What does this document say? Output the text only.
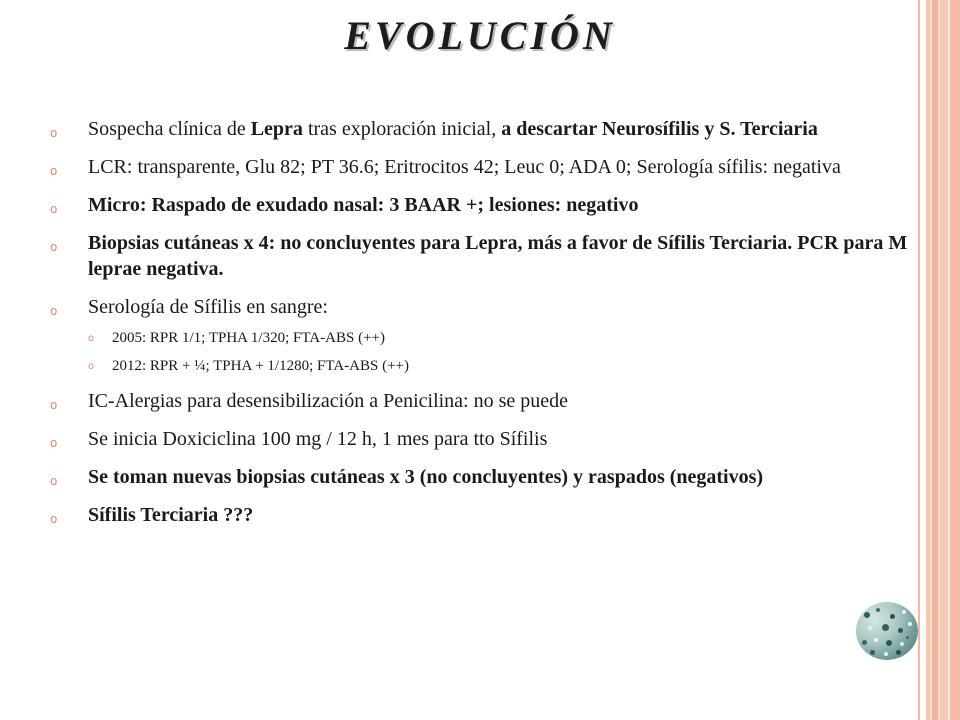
EVOLUCIÓN
o Sospecha clínica de Lepra tras exploración inicial, a descartar Neurosífilis y S. Terciaria
o LCR: transparente, Glu 82; PT 36.6; Eritrocitos 42; Leuc 0; ADA 0; Serología sífilis: negativa
o Micro: Raspado de exudado nasal: 3 BAAR +; lesiones: negativo
o Biopsias cutáneas x 4: no concluyentes para Lepra, más a favor de Sífilis Terciaria. PCR para M leprae negativa.
o Serología de Sífilis en sangre:
o 2005: RPR 1/1; TPHA 1/320; FTA-ABS (++)
o 2012: RPR + ¼; TPHA + 1/1280; FTA-ABS (++)
o IC-Alergias para desensibilización a Penicilina: no se puede
o Se inicia Doxiciclina 100 mg / 12 h, 1 mes para tto Sífilis
o Se toman nuevas biopsias cutáneas x 3 (no concluyentes) y raspados (negativos)
o Sífilis Terciaria ???
